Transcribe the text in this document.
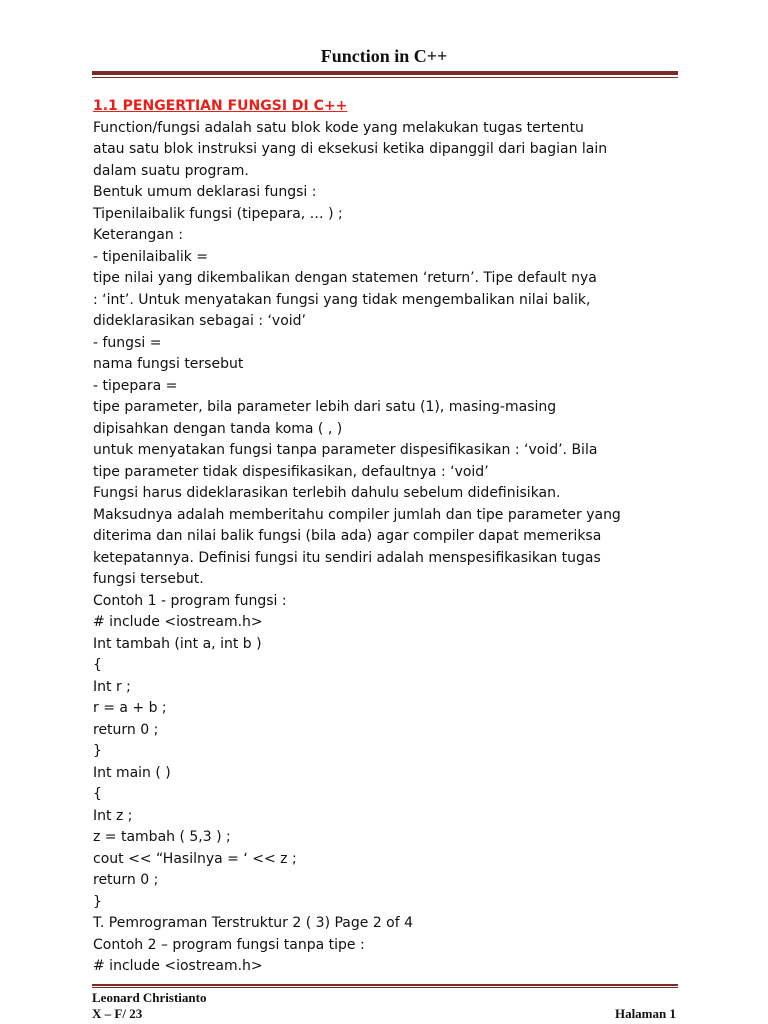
Function in C++
1.1 PENGERTIAN FUNGSI DI C++
Function/fungsi adalah satu blok kode yang melakukan tugas tertentu
atau satu blok instruksi yang di eksekusi ketika dipanggil dari bagian lain
dalam suatu program.
Bentuk umum deklarasi fungsi :
Tipenilaibalik fungsi (tipepara, … ) ;
Keterangan :
- tipenilaibalik =
tipe nilai yang dikembalikan dengan statemen ‘return’. Tipe default nya
: ‘int’. Untuk menyatakan fungsi yang tidak mengembalikan nilai balik,
dideklarasikan sebagai : ‘void’
- fungsi =
nama fungsi tersebut
- tipepara =
tipe parameter, bila parameter lebih dari satu (1), masing-masing
dipisahkan dengan tanda koma ( , )
untuk menyatakan fungsi tanpa parameter dispesifikasikan : ‘void’. Bila
tipe parameter tidak dispesifikasikan, defaultnya : ‘void’
Fungsi harus dideklarasikan terlebih dahulu sebelum didefinisikan.
Maksudnya adalah memberitahu compiler jumlah dan tipe parameter yang
diterima dan nilai balik fungsi (bila ada) agar compiler dapat memeriksa
ketepatannya. Definisi fungsi itu sendiri adalah menspesifikasikan tugas
fungsi tersebut.
Contoh 1 - program fungsi :
# include <iostream.h>
Int tambah (int a, int b )
{
Int r ;
r = a + b ;
return 0 ;
}
Int main ( )
{
Int z ;
z = tambah ( 5,3 ) ;
cout << “Hasilnya = ‘ << z ;
return 0 ;
}
T. Pemrograman Terstruktur 2 ( 3) Page 2 of 4
Contoh 2 – program fungsi tanpa tipe :
# include <iostream.h>
Leonard Christianto
X – F/ 23	Halaman 1
